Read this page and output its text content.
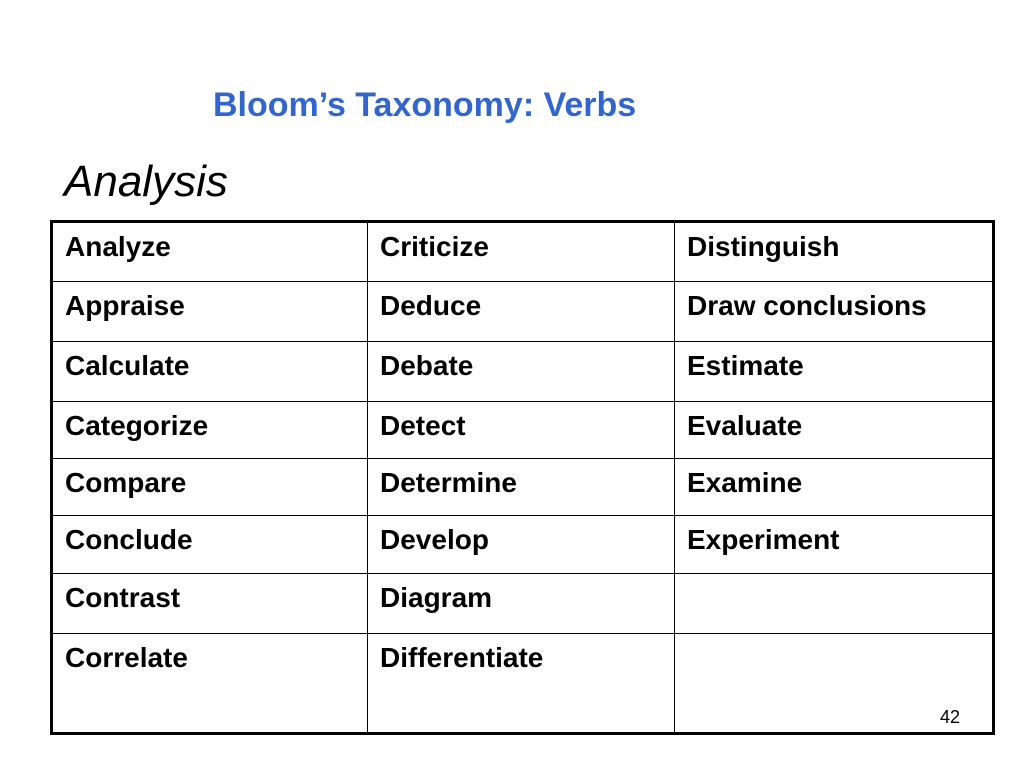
Bloom’s Taxonomy: Verbs
Analysis
Analyze	Criticize	Distinguish
Appraise	Deduce	Draw conclusions
Calculate	Debate	Estimate
Categorize	Detect	Evaluate
Compare	Determine	Examine
Conclude	Develop	Experiment
Contrast	Diagram	
Correlate	Differentiate	
42
